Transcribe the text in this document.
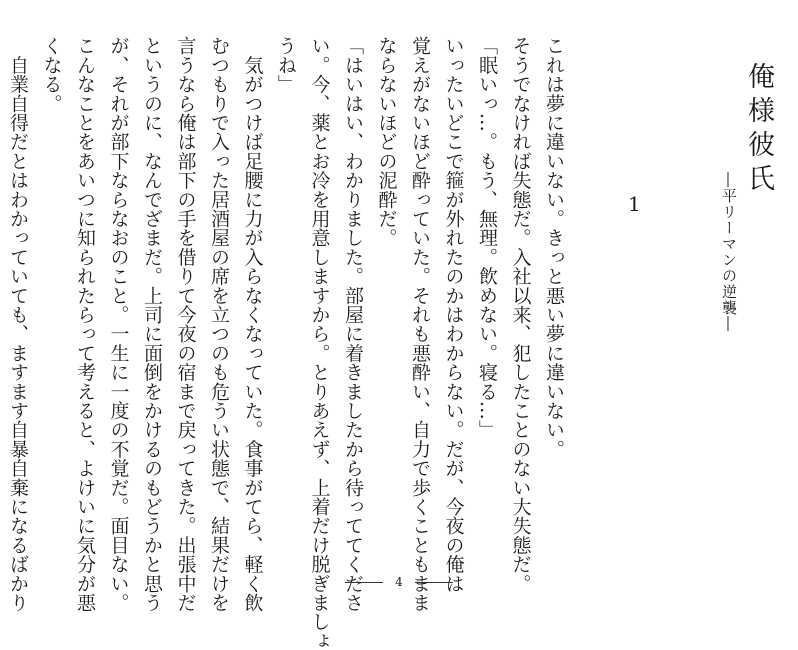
俺様彼氏
―平リーマンの逆襲―
1
これは夢に違いない。きっと悪い夢に違いない。
そうでなければ失態だ。入社以来、犯したことのない大失態だ。
「眠いっ…。もう、無理。飲めない。寝る…」
いったいどこで箍が外れたのかはわからない。だが、今夜の俺は
覚えがないほど酔っていた。それも悪酔い、自力で歩くこともまま
ならないほどの泥酔だ。
「はいはい、わかりました。部屋に着きましたから待っててくださ
い。今、薬とお冷を用意しますから。とりあえず、上着だけ脱ぎましょ
うね」
　気がつけば足腰に力が入らなくなっていた。食事がてら、軽く飲
むつもりで入った居酒屋の席を立つのも危うい状態で、結果だけを
言うなら俺は部下の手を借りて今夜の宿まで戻ってきた。出張中だ
というのに、なんでざまだ。上司に面倒をかけるのもどうかと思う
が、それが部下ならなおのこと。一生に一度の不覚だ。面目ない。
こんなことをあいつに知られたらって考えると、よけいに気分が悪
くなる。
　自業自得だとはわかっていても、ますます自暴自棄になるばかり	4
